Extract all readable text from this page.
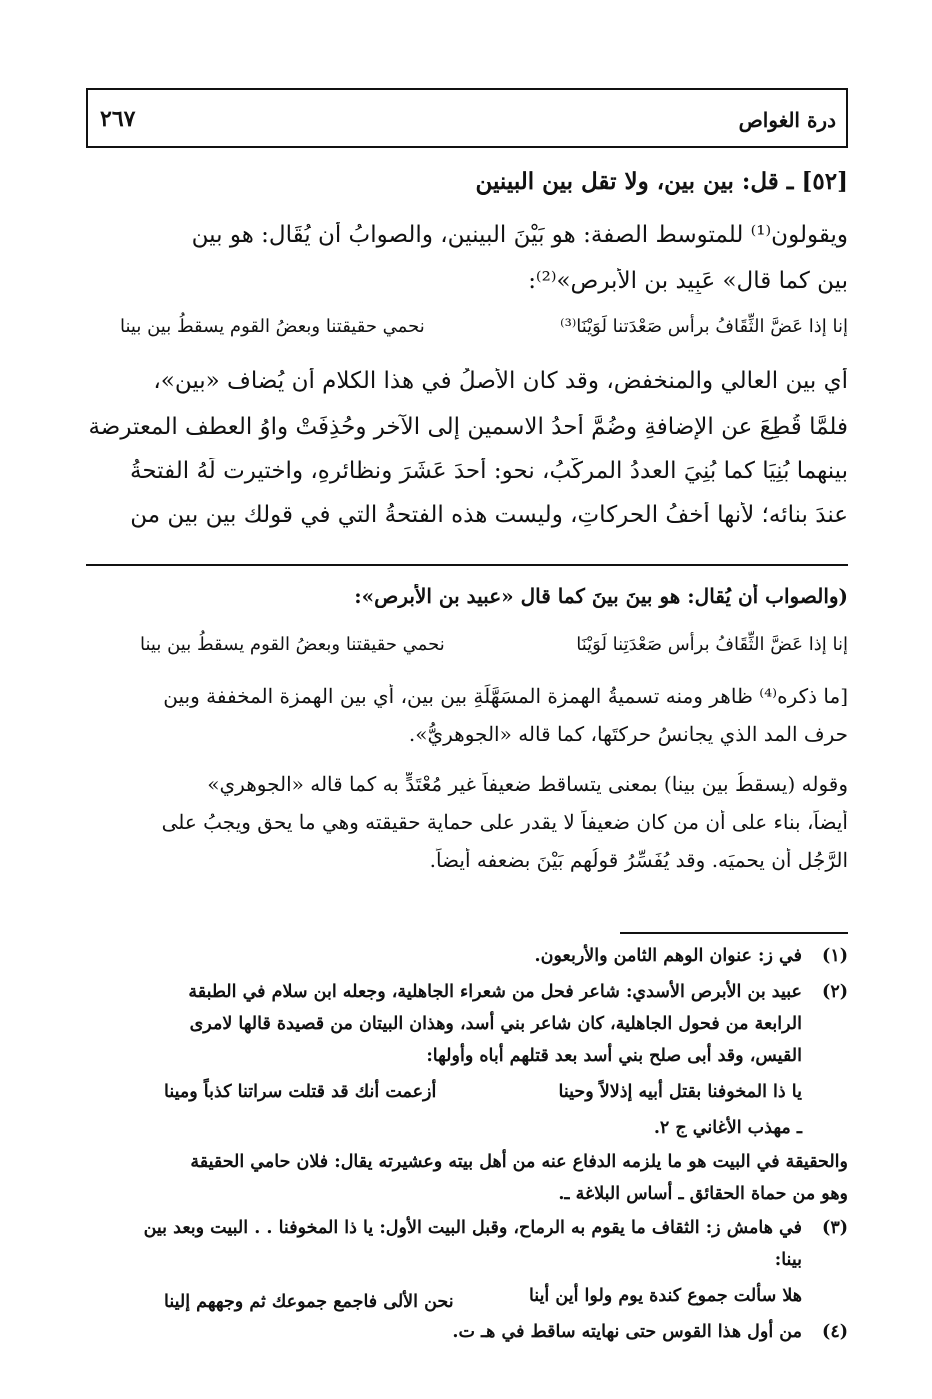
درة الغواص
٢٦٧
[٥٢] ـ قل: بين بين، ولا تقل بين البينين
ويقولون⁽¹⁾ للمتوسط الصفة: هو بَيْنَ البينين، والصوابُ أن يُقَال: هو بين
بين كما قال» عَبِيد بن الأبرص»⁽²⁾:
إنا إذا عَضَّ الثِّقَافُ برأس صَعْدَتنا لَوَيْنَا⁽³⁾
نحمي حقيقتنا وبعضُ القوم يسقطُ بين بينا
أي بين العالي والمنخفض، وقد كان الأصلُ في هذا الكلام أن يُضاف «بين»،
فلمَّا قُطِعَ عن الإضافةِ وضُمَّ أحدُ الاسمين إلى الآخر وحُذِفَتْ واوُ العطف المعترضة
بينهما بُنِيَا كما بُنِيَ العددُ المركَّبُ، نحو: أحدَ عَشَرَ ونظائرِهِ، واختيرت لَهُ الفتحةُ
عندَ بنائه؛ لأنها أخفُ الحركاتِ، وليست هذه الفتحةُ التي في قولك بين بين من
(والصواب أن يُقال: هو بينَ بينَ كما قال «عبيد بن الأبرص»:
إنا إذا عَضَّ الثِّقَافُ برأس صَعْدَتِنا لَوَيْنَا
نحمي حقيقتنا وبعضُ القوم يسقطُ بين بينا
[ما ذكره⁽⁴⁾ ظاهر ومنه تسميةُ الهمزة المسَهَّلَةِ بين بين، أي بين الهمزة المخففة وبين
حرف المد الذي يجانسُ حركتَها، كما قاله «الجوهريُّ».
وقوله (يسقطُ بين بينا) بمعنى يتساقط ضعيفاً غير مُعْتَدٍّ به كما قاله «الجوهري»
أيضاً، بناء على أن من كان ضعيفاً لا يقدر على حماية حقيقته وهي ما يحق ويجبُ على
الرَّجُلِ أن يحميَه. وقد يُفَسِّرُ قولُهم بَيْنَ بضعفه أيضاً.
(١)
في ز: عنوان الوهم الثامن والأربعون.
(٢)
عبيد بن الأبرص الأسدي: شاعر فحل من شعراء الجاهلية، وجعله ابن سلام في الطبقة
الرابعة من فحول الجاهلية، كان شاعر بني أسد، وهذان البيتان من قصيدة قالها لامرى
القيس، وقد أبى صلح بني أسد بعد قتلهم أباه وأولها:
يا ذا المخوفنا بقتل أبيه إذلالاً وحينا
أزعمت أنك قد قتلت سراتنا كذباً ومينا
ـ مهذب الأغاني ج ٢.
والحقيقة في البيت هو ما يلزمه الدفاع عنه من أهل بيته وعشيرته يقال: فلان حامي الحقيقة
وهو من حماة الحقائق ـ أساس البلاغة ـ.
(٣)
في هامش ز: الثقاف ما يقوم به الرماح، وقبل البيت الأول: يا ذا المخوفنا . . البيت وبعد بين
بينا:
هلا سألت جموع كندة يوم ولوا أين أينا
نحن الألى فاجمع جموعك ثم وجههم إلينا
(٤)
من أول هذا القوس حتى نهايته ساقط في هـ ت.
